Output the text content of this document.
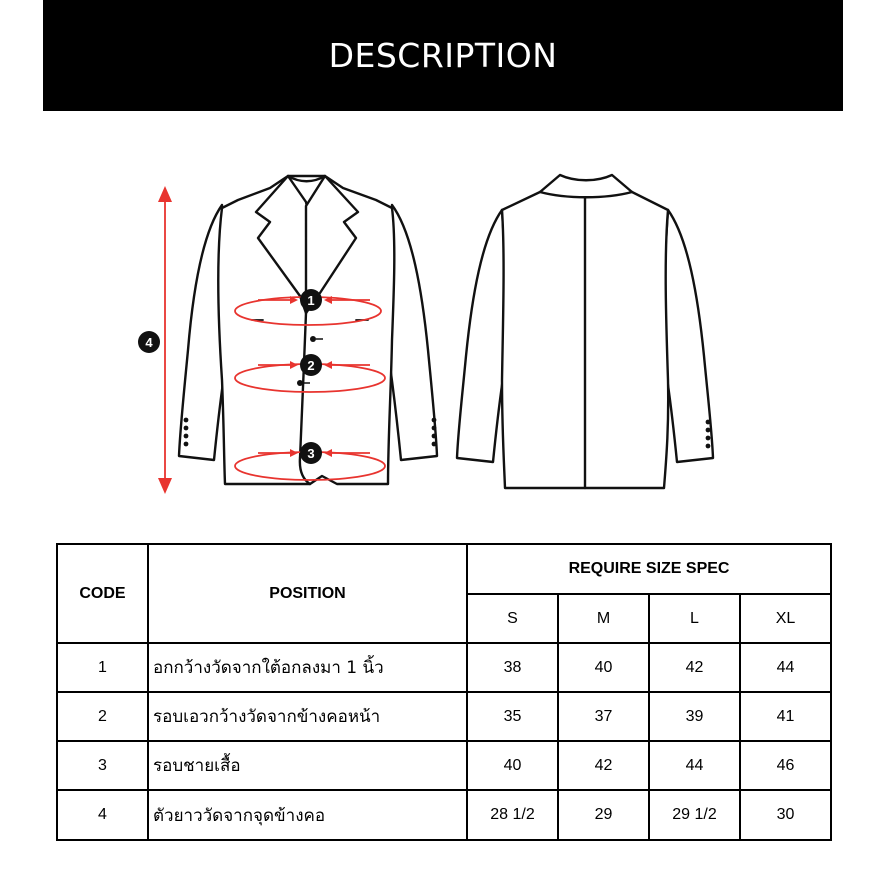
DESCRIPTION
1
2
3
4
CODE	POSITION	REQUIRE SIZE SPEC			
		S	M	L	XL
1	อกกว้างวัดจากใต้อกลงมา 1 นิ้ว	38	40	42	44
2	รอบเอวกว้างวัดจากข้างคอหน้า	35	37	39	41
3	รอบชายเสื้อ	40	42	44	46
4	ตัวยาววัดจากจุดข้างคอ	28 1/2	29	29 1/2	30
